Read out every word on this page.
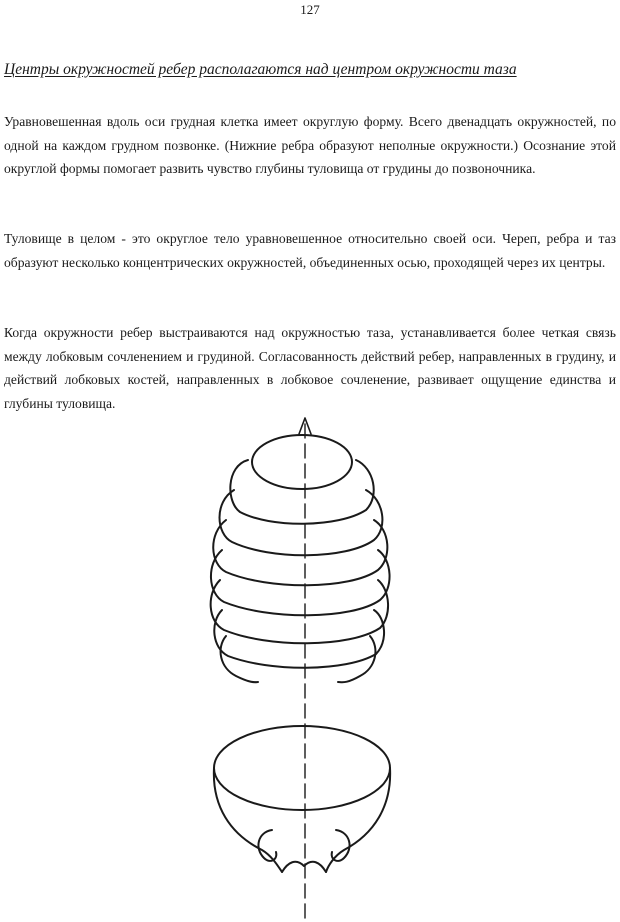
127
Центры окружностей ребер располагаются над центром окружности таза

Уравновешенная вдоль оси грудная клетка имеет округлую форму. Всего двенадцать окружностей, по одной на каждом грудном позвонке. (Нижние ребра образуют неполные окружности.) Осознание этой округлой формы помогает развить чувство глубины туловища от грудины до позвоночника.

Туловище в целом - это округлое тело уравновешенное относительно своей оси. Череп, ребра и таз образуют несколько концентрических окружностей, объединенных осью, проходящей через их центры.

Когда окружности ребер выстраиваются над окружностью таза, устанавливается более четкая связь между лобковым сочленением и грудиной. Согласованность действий ребер, направленных в грудину, и действий лобковых костей, направленных в лобковое сочленение, развивает ощущение единства и глубины туловища.
